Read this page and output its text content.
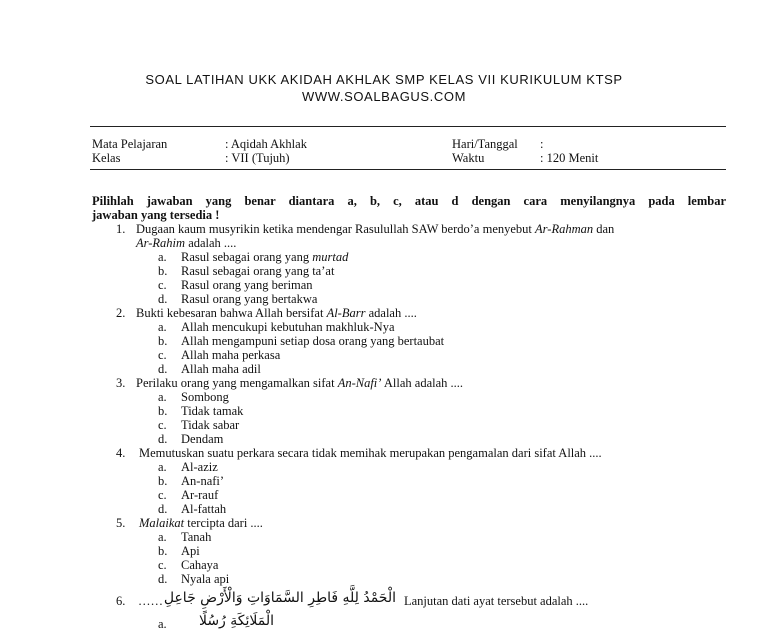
SOAL LATIHAN UKK AKIDAH AKHLAK SMP KELAS VII KURIKULUM KTSP
WWW.SOALBAGUS.COM
Mata Pelajaran	: Aqidah Akhlak	Hari/Tanggal :
Kelas	: VII (Tujuh)	Waktu	: 120 Menit
Pilihlah jawaban yang benar diantara a, b, c, atau d dengan cara menyilangnya pada lembar
jawaban yang tersedia !
1. Dugaan kaum musyrikin ketika mendengar Rasulullah SAW berdo’a menyebut Ar-Rahman dan
Ar-Rahim adalah ....
a. Rasul sebagai orang yang murtad
b. Rasul sebagai orang yang ta’at
c. Rasul orang yang beriman
d. Rasul orang yang bertakwa
2. Bukti kebesaran bahwa Allah bersifat Al-Barr adalah ....
a. Allah mencukupi kebutuhan makhluk-Nya
b. Allah mengampuni setiap dosa orang yang bertaubat
c. Allah maha perkasa
d. Allah maha adil
3. Perilaku orang yang mengamalkan sifat An-Nafi’ Allah adalah ....
a. Sombong
b. Tidak tamak
c. Tidak sabar
d. Dendam
4. Memutuskan suatu perkara secara tidak memihak merupakan pengamalan dari sifat Allah ....
a. Al-aziz
b. An-nafi’
c. Ar-rauf
d. Al-fattah
5. Malaikat tercipta dari ....
a. Tanah
b. Api
c. Cahaya
d. Nyala api
6. …… الْحَمْدُ لِلَّهِ فَاطِرِ السَّمَاوَاتِ وَالْأَرْضِ جَاعِلِ Lanjutan dati ayat tersebut adalah ....
a. الْمَلَائِكَةِ رُسُلًا
